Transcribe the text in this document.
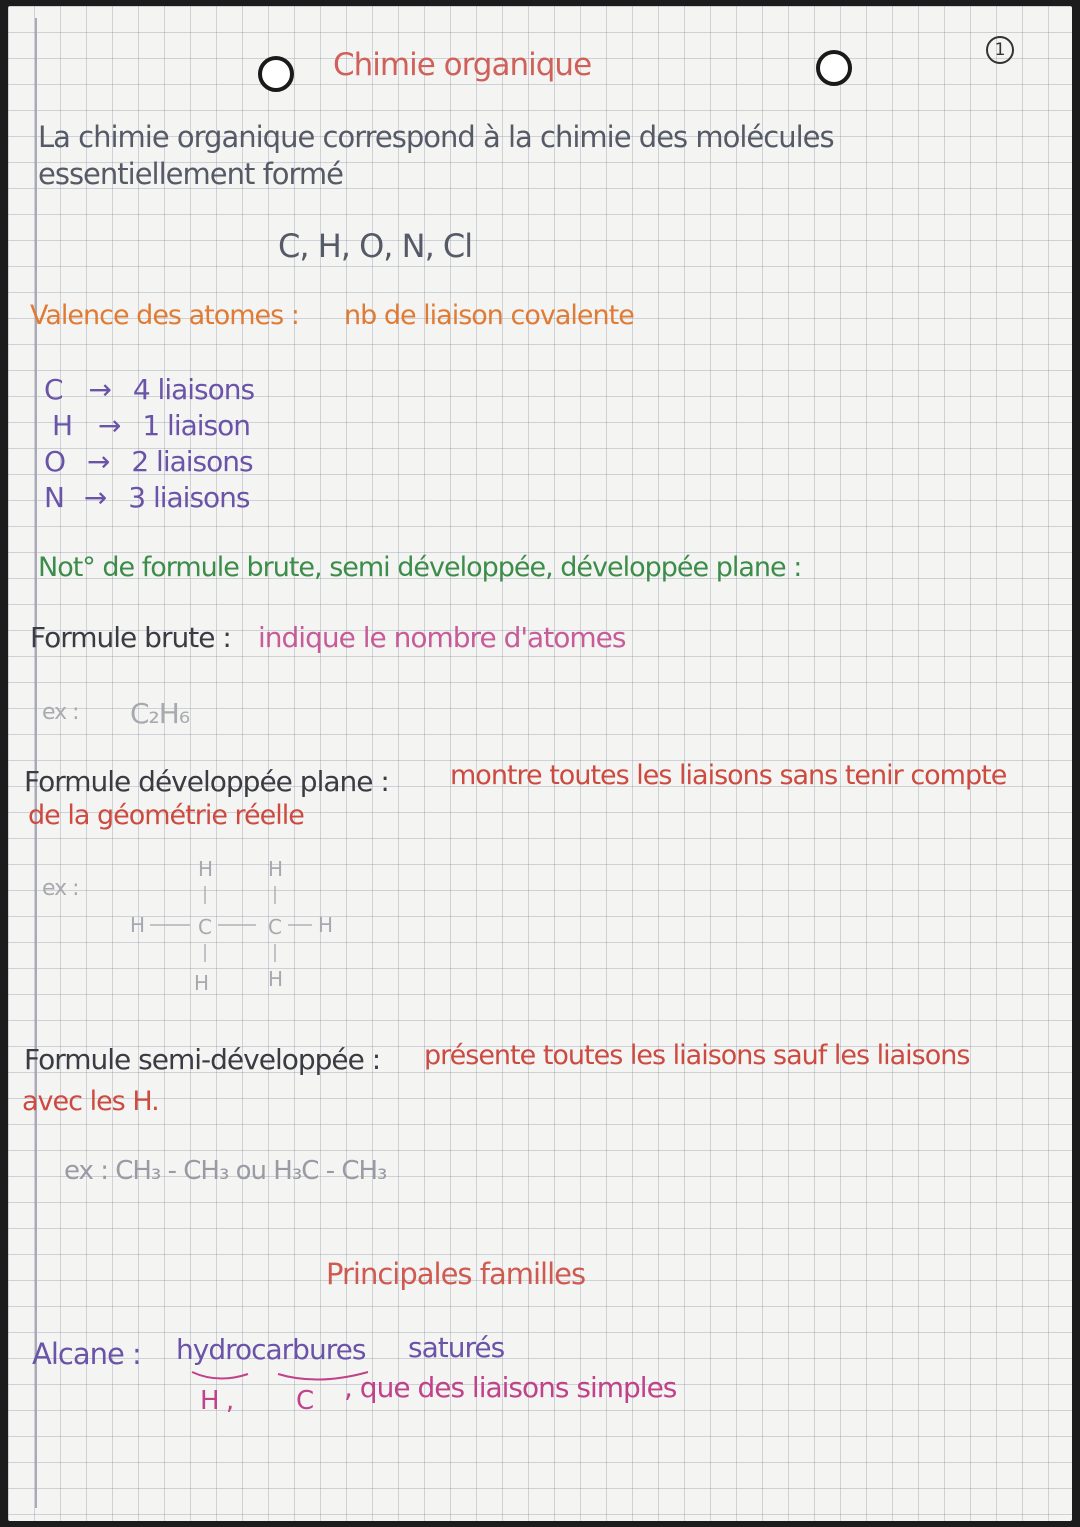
1
Chimie organique
La chimie organique correspond à la chimie des molécules
essentiellement formé
C, H, O, N, Cl
Valence des atomes : nb de liaison covalente
C → 4 liaisons
H → 1 liaison
O → 2 liaisons
N → 3 liaisons
Not° de formule brute, semi développée, développée plane :
Formule brute : indique le nombre d'atomes
ex : C₂H₆
Formule développée plane : montre toutes les liaisons sans tenir compte
de la géométrie réelle
ex :
H	H
H	C	C H
H	H
Formule semi-développée : présente toutes les liaisons sauf les liaisons
avec les H.
ex : CH₃ - CH₃ ou H₃C - CH₃
Principales familles
Alcane : hydrocarbures saturés
H , C , que des liaisons simples
